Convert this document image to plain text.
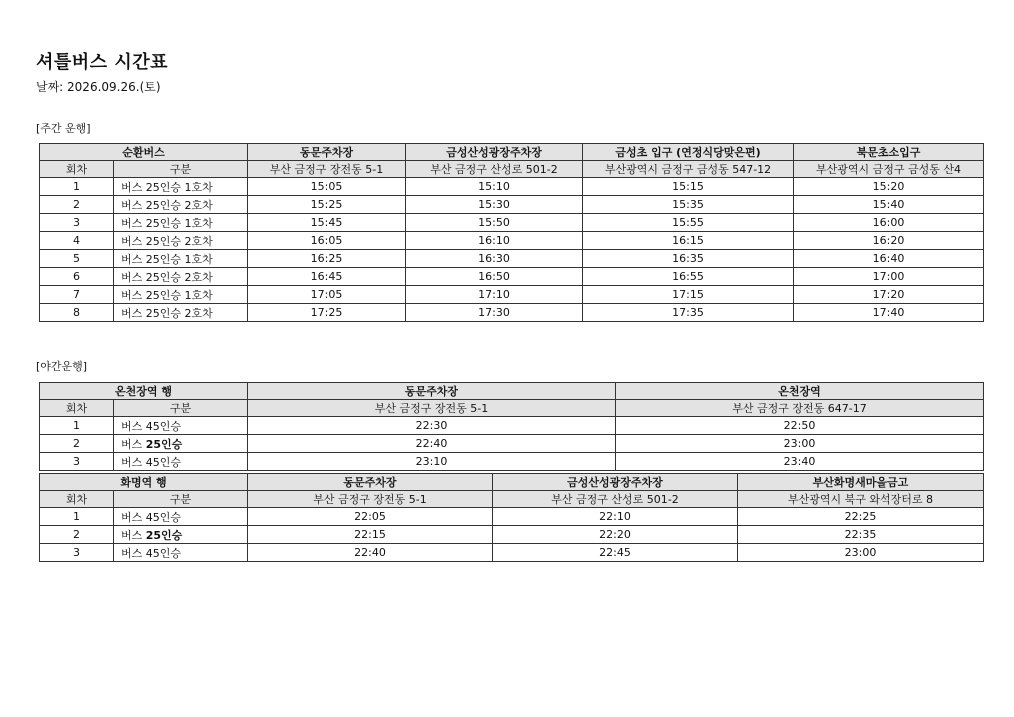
셔틀버스 시간표
날짜: 2026.09.26.(토)
[주간 운행]
순환버스		동문주차장	금성산성광장주차장	금성초 입구 (연정식당맞은편)	북문초소입구
회차	구분	부산 금정구 장전동 5-1	부산 금정구 산성로 501-2	부산광역시 금정구 금성동 547-12	부산광역시 금정구 금성동 산4
1	버스 25인승 1호차	15:05	15:10	15:15	15:20
2	버스 25인승 2호차	15:25	15:30	15:35	15:40
3	버스 25인승 1호차	15:45	15:50	15:55	16:00
4	버스 25인승 2호차	16:05	16:10	16:15	16:20
5	버스 25인승 1호차	16:25	16:30	16:35	16:40
6	버스 25인승 2호차	16:45	16:50	16:55	17:00
7	버스 25인승 1호차	17:05	17:10	17:15	17:20
8	버스 25인승 2호차	17:25	17:30	17:35	17:40
[야간운행]
온천장역 행		동문주차장	온천장역
회차	구분	부산 금정구 장전동 5-1	부산 금정구 장전동 647-17
1	버스 45인승	22:30	22:50
2	버스 25인승	22:40	23:00
3	버스 45인승	23:10	23:40
화명역 행		동문주차장	금성산성광장주차장	부산화명새마을금고
회차	구분	부산 금정구 장전동 5-1	부산 금정구 산성로 501-2	부산광역시 북구 와석장터로 8
1	버스 45인승	22:05	22:10	22:25
2	버스 25인승	22:15	22:20	22:35
3	버스 45인승	22:40	22:45	23:00
